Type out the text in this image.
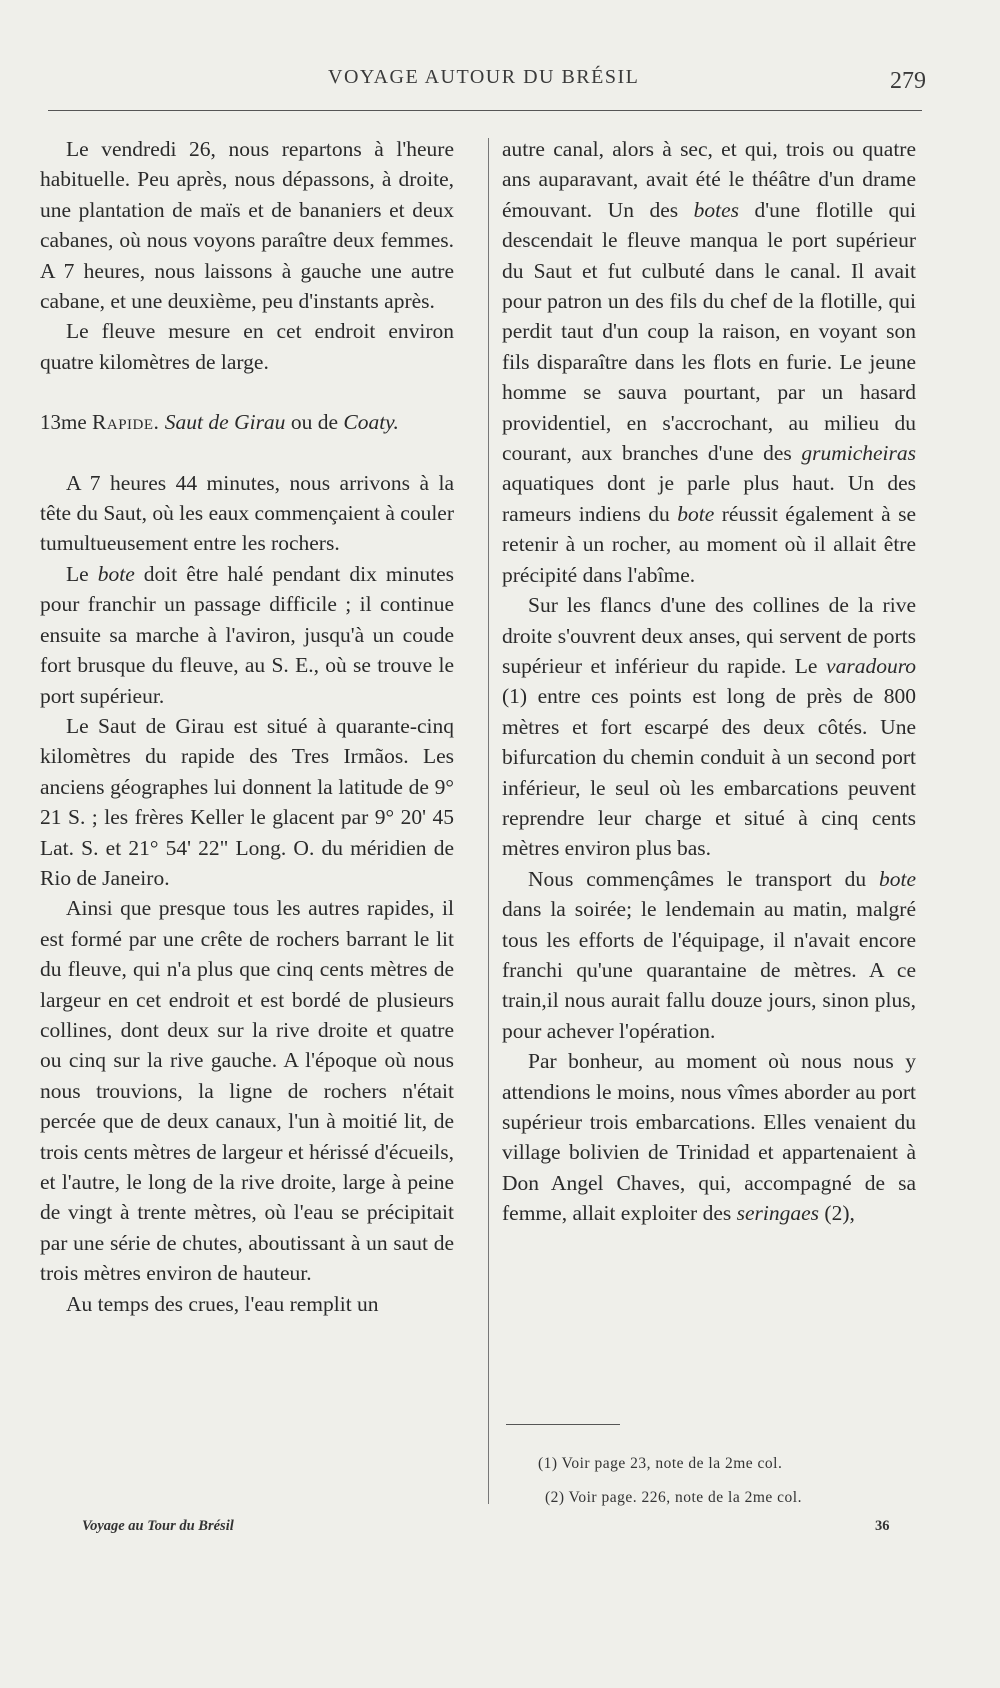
VOYAGE AUTOUR DU BRÉSIL	279

Le vendredi 26, nous repartons à l'heure habituelle. Peu après, nous dépassons, à droite, une plantation de maïs et de bananiers et deux cabanes, où nous voyons paraître deux femmes. A 7 heures, nous laissons à gauche une autre cabane, et une deuxième, peu d'instants après.

Le fleuve mesure en cet endroit environ quatre kilomètres de large.

13me Rapide. Saut de Girau ou de Coaty.

A 7 heures 44 minutes, nous arrivons à la tête du Saut, où les eaux commençaient à couler tumultueusement entre les rochers.

Le bote doit être halé pendant dix minutes pour franchir un passage difficile ; il continue ensuite sa marche à l'aviron, jusqu'à un coude fort brusque du fleuve, au S. E., où se trouve le port supérieur.

Le Saut de Girau est situé à quarante-cinq kilomètres du rapide des Tres Irmãos. Les anciens géographes lui donnent la latitude de 9° 21 S. ; les frères Keller le glacent par 9° 20' 45 Lat. S. et 21° 54' 22" Long. O. du méridien de Rio de Janeiro.

Ainsi que presque tous les autres rapides, il est formé par une crête de rochers barrant le lit du fleuve, qui n'a plus que cinq cents mètres de largeur en cet endroit et est bordé de plusieurs collines, dont deux sur la rive droite et quatre ou cinq sur la rive gauche. A l'époque où nous nous trouvions, la ligne de rochers n'était percée que de deux canaux, l'un à moitié lit, de trois cents mètres de largeur et hérissé d'écueils, et l'autre, le long de la rive droite, large à peine de vingt à trente mètres, où l'eau se précipitait par une série de chutes, aboutissant à un saut de trois mètres environ de hauteur.

Au temps des crues, l'eau remplit un

autre canal, alors à sec, et qui, trois ou quatre ans auparavant, avait été le théâtre d'un drame émouvant. Un des botes d'une flotille qui descendait le fleuve manqua le port supérieur du Saut et fut culbuté dans le canal. Il avait pour patron un des fils du chef de la flotille, qui perdit taut d'un coup la raison, en voyant son fils disparaître dans les flots en furie. Le jeune homme se sauva pourtant, par un hasard providentiel, en s'accrochant, au milieu du courant, aux branches d'une des grumicheiras aquatiques dont je parle plus haut. Un des rameurs indiens du bote réussit également à se retenir à un rocher, au moment où il allait être précipité dans l'abîme.

Sur les flancs d'une des collines de la rive droite s'ouvrent deux anses, qui servent de ports supérieur et inférieur du rapide. Le varadouro (1) entre ces points est long de près de 800 mètres et fort escarpé des deux côtés. Une bifurcation du chemin conduit à un second port inférieur, le seul où les embarcations peuvent reprendre leur charge et situé à cinq cents mètres environ plus bas.

Nous commençâmes le transport du bote dans la soirée; le lendemain au matin, malgré tous les efforts de l'équipage, il n'avait encore franchi qu'une quarantaine de mètres. A ce train,il nous aurait fallu douze jours, sinon plus, pour achever l'opération.

Par bonheur, au moment où nous nous y attendions le moins, nous vîmes aborder au port supérieur trois embarcations. Elles venaient du village bolivien de Trinidad et appartenaient à Don Angel Chaves, qui, accompagné de sa femme, allait exploiter des seringaes (2),

(1) Voir page 23, note de la 2me col.
(2) Voir page. 226, note de la 2me col.
Voyage au Tour du Brésil	36
